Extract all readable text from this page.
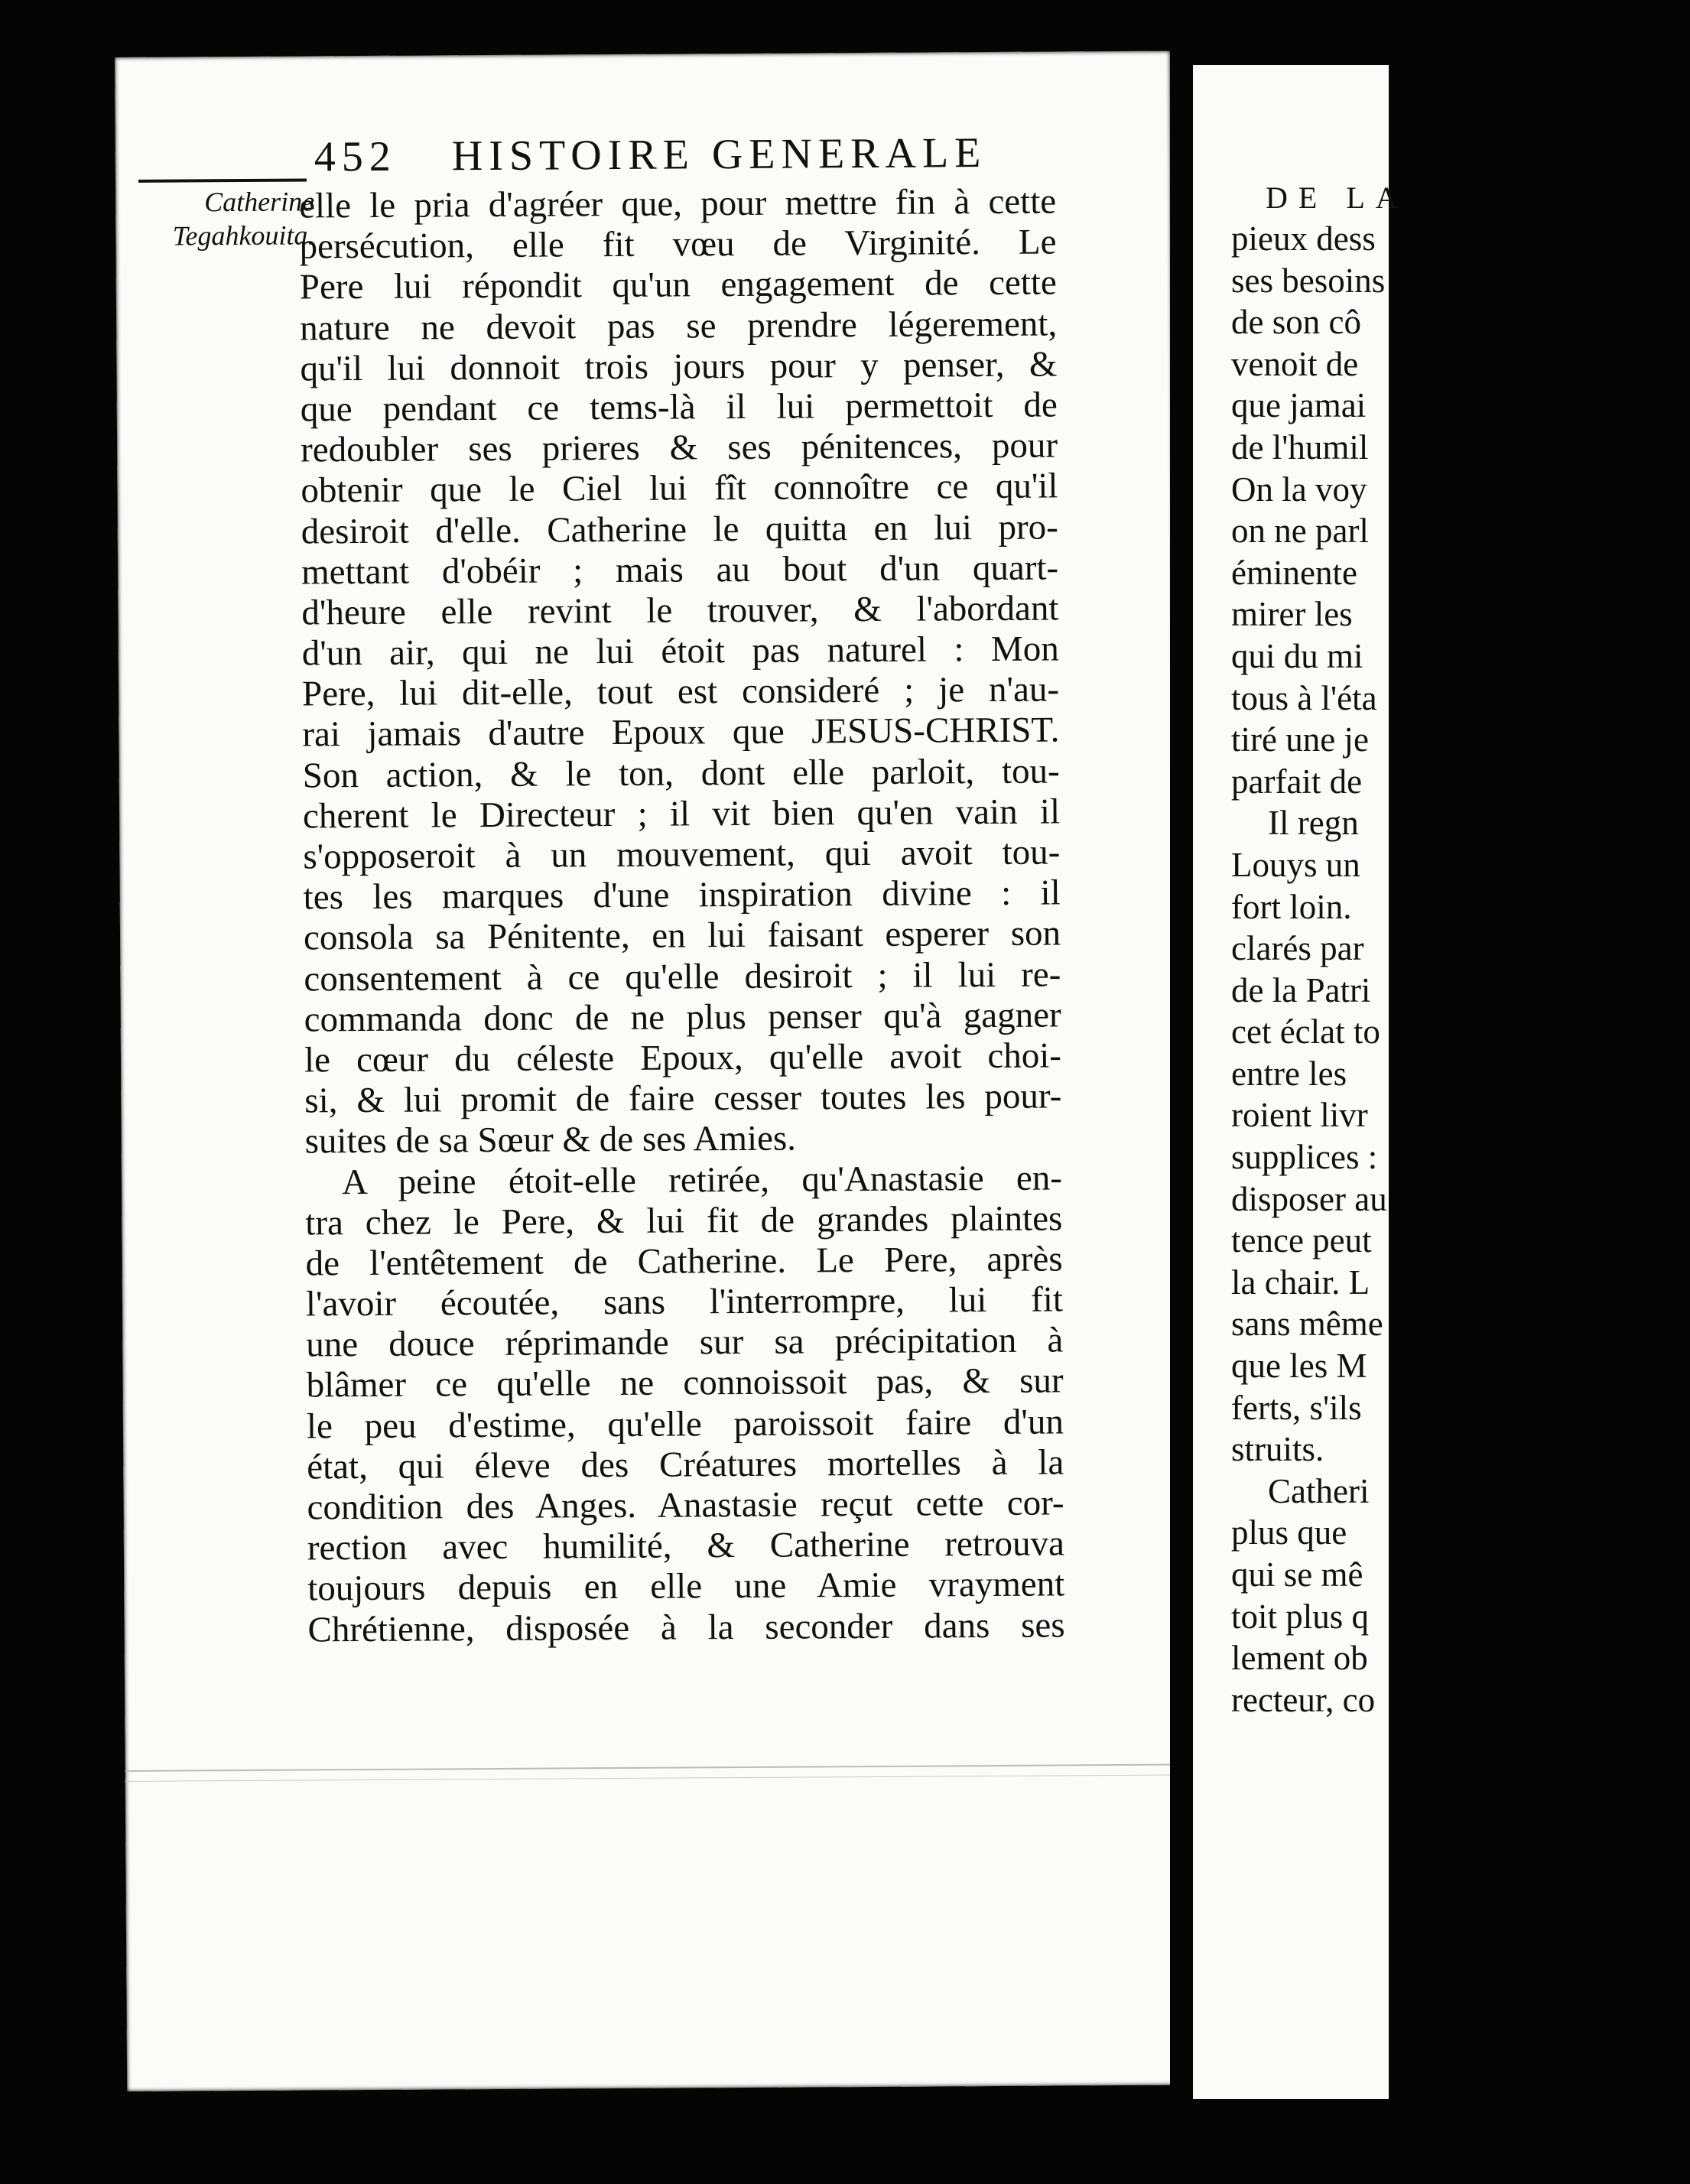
452 HISTOIRE GENERALE
Catherine
Tegahkouita.
elle le pria d'agréer que, pour mettre fin à cette
persécution, elle fit vœu de Virginité. Le
Pere lui répondit qu'un engagement de cette
nature ne devoit pas se prendre légerement,
qu'il lui donnoit trois jours pour y penser, &
que pendant ce tems-là il lui permettoit de
redoubler ses prieres & ses pénitences, pour
obtenir que le Ciel lui fît connoître ce qu'il
desiroit d'elle. Catherine le quitta en lui pro-
mettant d'obéir ; mais au bout d'un quart-
d'heure elle revint le trouver, & l'abordant
d'un air, qui ne lui étoit pas naturel : Mon
Pere, lui dit-elle, tout est consideré ; je n'au-
rai jamais d'autre Epoux que JESUS-CHRIST.
Son action, & le ton, dont elle parloit, tou-
cherent le Directeur ; il vit bien qu'en vain il
s'opposeroit à un mouvement, qui avoit tou-
tes les marques d'une inspiration divine : il
consola sa Pénitente, en lui faisant esperer son
consentement à ce qu'elle desiroit ; il lui re-
commanda donc de ne plus penser qu'à gagner
le cœur du céleste Epoux, qu'elle avoit choi-
si, & lui promit de faire cesser toutes les pour-
suites de sa Sœur & de ses Amies.
A peine étoit-elle retirée, qu'Anastasie en-
tra chez le Pere, & lui fit de grandes plaintes
de l'entêtement de Catherine. Le Pere, après
l'avoir écoutée, sans l'interrompre, lui fit
une douce réprimande sur sa précipitation à
blâmer ce qu'elle ne connoissoit pas, & sur
le peu d'estime, qu'elle paroissoit faire d'un
état, qui éleve des Créatures mortelles à la
condition des Anges. Anastasie reçut cette cor-
rection avec humilité, & Catherine retrouva
toujours depuis en elle une Amie vrayment
Chrétienne, disposée à la seconder dans ses
DE LA
pieux dess
ses besoins
de son cô
venoit de
que jamai
de l'humil
On la voy
on ne parl
éminente
mirer les
qui du mi
tous à l'éta
tiré une je
parfait de
Il regn
Louys un
fort loin.
clarés par
de la Patri
cet éclat to
entre les
roient livr
supplices :
disposer au
tence peut
la chair. L
sans même
que les M
ferts, s'ils
struits.
Catheri
plus que
qui se mê
toit plus q
lement ob
recteur, co
